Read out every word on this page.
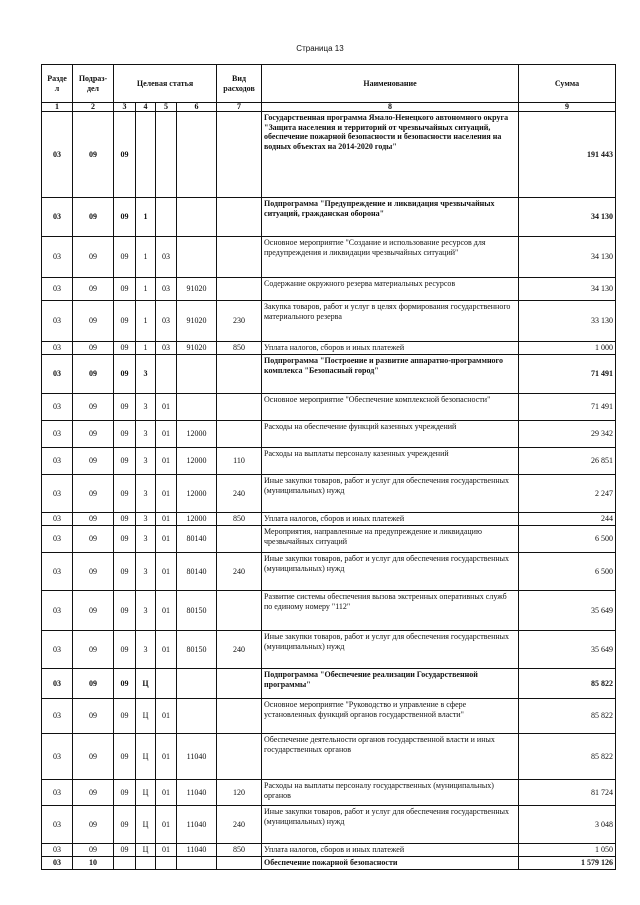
Страница 13
Разде л	Подраз- дел	Целевая статья				Вид расходов	Наименование	Сумма
1	2	3	4	5	6	7	8	9
03	09	09					Государственная программа Ямало-Ненецкого автономного округа "Защита населения и территорий от чрезвычайных ситуаций, обеспечение пожарной безопасности и безопасности населения на водных объектах на 2014-2020 годы"	191 443
03	09	09	1				Подпрограмма "Предупреждение и ликвидация чрезвычайных ситуаций, гражданская оборона"	34 130
03	09	09	1	03			Основное мероприятие "Создание и использование ресурсов для предупреждения и ликвидации чрезвычайных ситуаций"	34 130
03	09	09	1	03	91020		Содержание окружного резерва материальных ресурсов	34 130
03	09	09	1	03	91020	230	Закупка товаров, работ и услуг в целях формирования государственного материального резерва	33 130
03	09	09	1	03	91020	850	Уплата налогов, сборов и иных платежей	1 000
03	09	09	3				Подпрограмма "Построение и развитие аппаратно-программного комплекса "Безопасный город"	71 491
03	09	09	3	01			Основное мероприятие "Обеспечение комплексной безопасности"	71 491
03	09	09	3	01	12000		Расходы на обеспечение функций казенных учреждений	29 342
03	09	09	3	01	12000	110	Расходы на выплаты персоналу казенных учреждений	26 851
03	09	09	3	01	12000	240	Иные закупки товаров, работ и услуг для обеспечения государственных (муниципальных) нужд	2 247
03	09	09	3	01	12000	850	Уплата налогов, сборов и иных платежей	244
03	09	09	3	01	80140		Мероприятия, направленные на предупреждение и ликвидацию чрезвычайных ситуаций	6 500
03	09	09	3	01	80140	240	Иные закупки товаров, работ и услуг для обеспечения государственных (муниципальных) нужд	6 500
03	09	09	3	01	80150		Развитие системы обеспечения вызова экстренных оперативных служб по единому номеру "112"	35 649
03	09	09	3	01	80150	240	Иные закупки товаров, работ и услуг для обеспечения государственных (муниципальных) нужд	35 649
03	09	09	Ц				Подпрограмма "Обеспечение реализации Государственной программы"	85 822
03	09	09	Ц	01			Основное мероприятие "Руководство и управление в сфере установленных функций органов государственной власти"	85 822
03	09	09	Ц	01	11040		Обеспечение деятельности органов государственной власти и иных государственных органов	85 822
03	09	09	Ц	01	11040	120	Расходы на выплаты персоналу государственных (муниципальных) органов	81 724
03	09	09	Ц	01	11040	240	Иные закупки товаров, работ и услуг для обеспечения государственных (муниципальных) нужд	3 048
03	09	09	Ц	01	11040	850	Уплата налогов, сборов и иных платежей	1 050
03	10						Обеспечение пожарной безопасности	1 579 126
